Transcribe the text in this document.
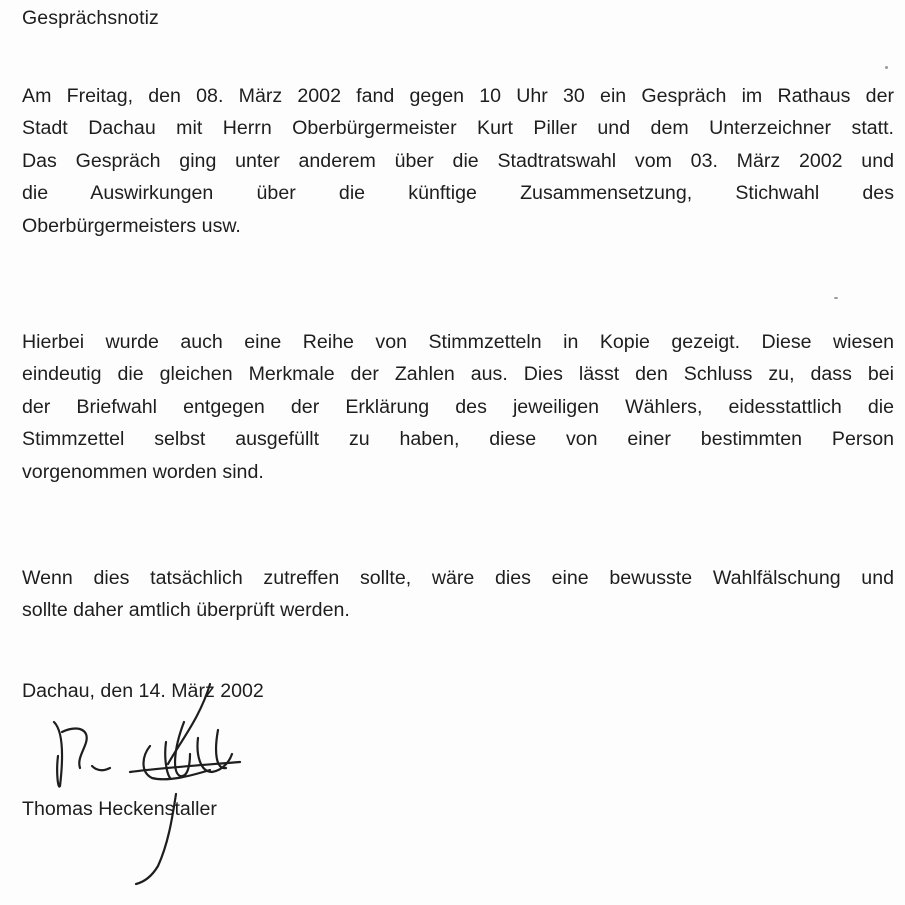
Gesprächsnotiz
Am Freitag, den 08. März 2002 fand gegen 10 Uhr 30 ein Gespräch im Rathaus der
Stadt Dachau mit Herrn Oberbürgermeister Kurt Piller und dem Unterzeichner statt.
Das Gespräch ging unter anderem über die Stadtratswahl vom 03. März 2002 und
die Auswirkungen über die künftige Zusammensetzung, Stichwahl des
Oberbürgermeisters usw.
Hierbei wurde auch eine Reihe von Stimmzetteln in Kopie gezeigt. Diese wiesen
eindeutig die gleichen Merkmale der Zahlen aus. Dies lässt den Schluss zu, dass bei
der Briefwahl entgegen der Erklärung des jeweiligen Wählers, eidesstattlich die
Stimmzettel selbst ausgefüllt zu haben, diese von einer bestimmten Person
vorgenommen worden sind.
Wenn dies tatsächlich zutreffen sollte, wäre dies eine bewusste Wahlfälschung und
sollte daher amtlich überprüft werden.
Dachau, den 14. März 2002
Thomas Heckenstaller
